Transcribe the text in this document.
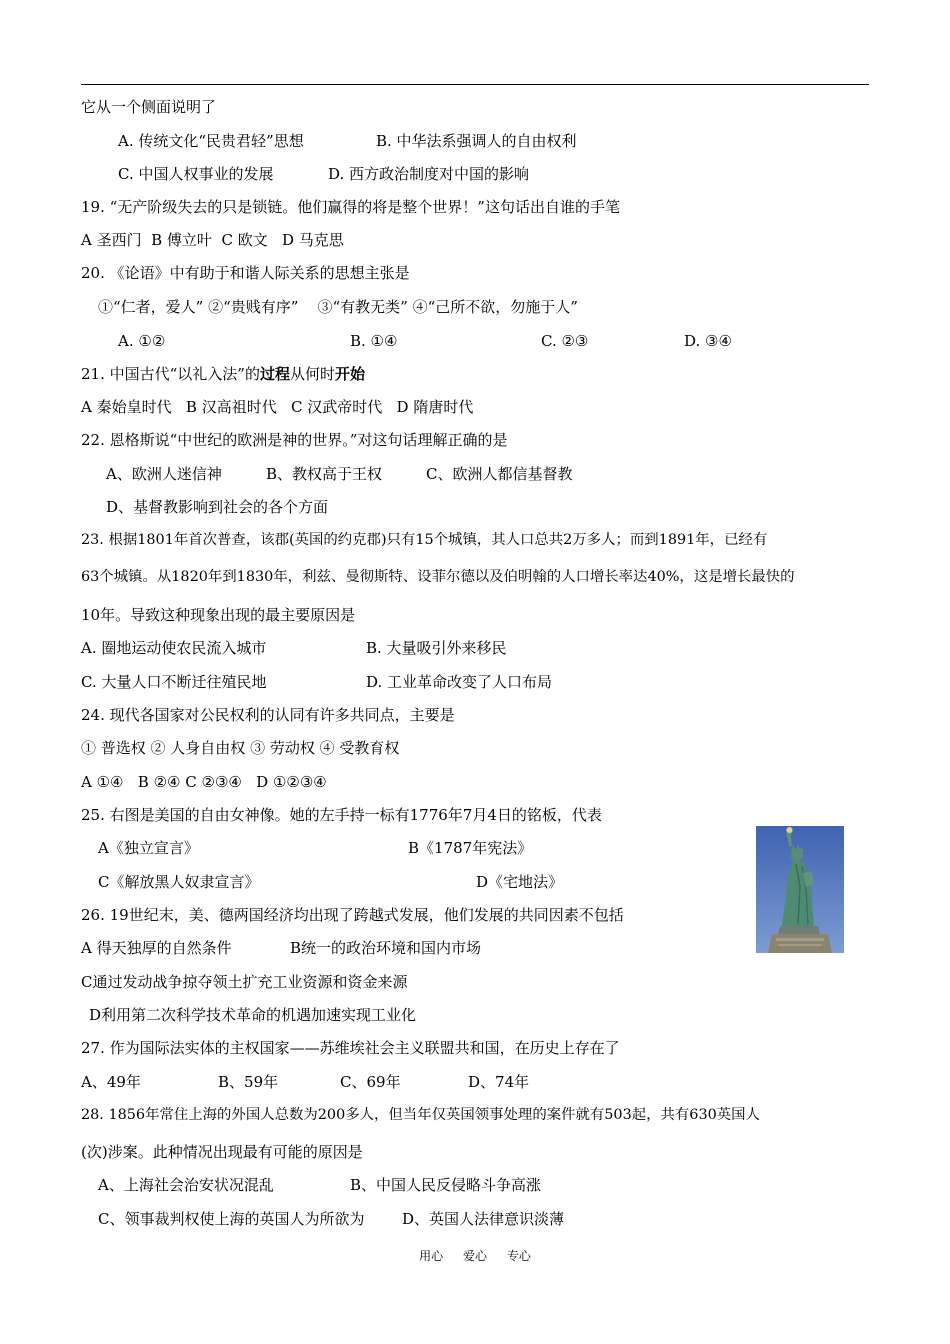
它从一个侧面说明了
A. 传统文化“民贵君轻”思想	B. 中华法系强调人的自由权利
C. 中国人权事业的发展	D. 西方政治制度对中国的影响
19. “无产阶级失去的只是锁链。他们赢得的将是整个世界！”这句话出自谁的手笔
A 圣西门  B 傅立叶  C 欧文   D 马克思
20. 《论语》中有助于和谐人际关系的思想主张是
①“仁者，爱人” ②“贵贱有序”    ③“有教无类” ④“己所不欲，勿施于人”
A. ①②	B. ①④	C. ②③	D. ③④
21. 中国古代“以礼入法”的过程从何时开始
A 秦始皇时代   B 汉高祖时代   C 汉武帝时代   D 隋唐时代
22. 恩格斯说“中世纪的欧洲是神的世界。”对这句话理解正确的是
A、欧洲人迷信神	B、教权高于王权	C、欧洲人都信基督教
D、基督教影响到社会的各个方面
23. 根据1801年首次普查，该郡(英国的约克郡)只有15个城镇，其人口总共2万多人；而到1891年，已经有
63个城镇。从1820年到1830年，利兹、曼彻斯特、设菲尔德以及伯明翰的人口增长率达40%，这是增长最快的
10年。导致这种现象出现的最主要原因是
A. 圈地运动使农民流入城市	B. 大量吸引外来移民
C. 大量人口不断迁往殖民地	D. 工业革命改变了人口布局
24. 现代各国家对公民权利的认同有许多共同点，主要是
① 普选权 ② 人身自由权 ③ 劳动权 ④ 受教育权
A ①④   B ②④ C ②③④   D ①②③④
25. 右图是美国的自由女神像。她的左手持一标有1776年7月4日的铭板，代表
A《独立宣言》	B《1787年宪法》
C《解放黑人奴隶宣言》	D《宅地法》
26. 19世纪末，美、德两国经济均出现了跨越式发展，他们发展的共同因素不包括
A 得天独厚的自然条件	B统一的政治环境和国内市场
C通过发动战争掠夺领土扩充工业资源和资金来源
D利用第二次科学技术革命的机遇加速实现工业化
27. 作为国际法实体的主权国家——苏维埃社会主义联盟共和国，在历史上存在了
A、49年	B、59年	C、69年	D、74年
28. 1856年常住上海的外国人总数为200多人，但当年仅英国领事处理的案件就有503起，共有630英国人
(次)涉案。此种情况出现最有可能的原因是
A、上海社会治安状况混乱	B、中国人民反侵略斗争高涨
C、领事裁判权使上海的英国人为所欲为	D、英国人法律意识淡薄
用心 爱心 专心
